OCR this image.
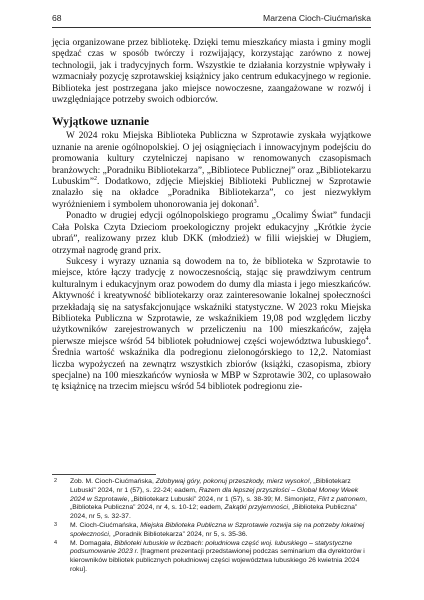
68	Marzena Cioch-Ciućmańska

jęcia organizowane przez bibliotekę. Dzięki temu mieszkańcy miasta i gminy mogli spędzać czas w sposób twórczy i rozwijający, korzystając zarówno z nowej technologii, jak i tradycyjnych form. Wszystkie te działania korzystnie wpływały i wzmacniały pozycję szprotawskiej książnicy jako centrum edukacyjnego w regionie. Biblioteka jest postrzegana jako miejsce nowoczesne, zaangażowane w rozwój i uwzględniające potrzeby swoich odbiorców.

Wyjątkowe uznanie

W 2024 roku Miejska Biblioteka Publiczna w Szprotawie zyskała wyjątkowe uznanie na arenie ogólnopolskiej. O jej osiągnięciach i innowacyjnym podejściu do promowania kultury czytelniczej napisano w renomowanych czasopismach branżowych: „Poradniku Bibliotekarza”, „Bibliotece Publicznej” oraz „Bibliotekarzu Lubuskim”$^2$. Dodatkowo, zdjęcie Miejskiej Biblioteki Publicznej w Szprotawie znalazło się na okładce „Poradnika Bibliotekarza”, co jest niezwykłym wyróżnieniem i symbolem uhonorowania jej dokonań$^3$.

Ponadto w drugiej edycji ogólnopolskiego programu „Ocalimy Świat” fundacji Cała Polska Czyta Dzieciom proekologiczny projekt edukacyjny „Krótkie życie ubrań”, realizowany przez klub DKK (młodzież) w filii wiejskiej w Długiem, otrzymał nagrodę grand prix.

Sukcesy i wyrazy uznania są dowodem na to, że biblioteka w Szprotawie to miejsce, które łączy tradycję z nowoczesnością, stając się prawdziwym centrum kulturalnym i edukacyjnym oraz powodem do dumy dla miasta i jego mieszkańców. Aktywność i kreatywność bibliotekarzy oraz zainteresowanie lokalnej społeczności przekładają się na satysfakcjonujące wskaźniki statystyczne. W 2023 roku Miejska Biblioteka Publiczna w Szprotawie, ze wskaźnikiem 19,08 pod względem liczby użytkowników zarejestrowanych w przeliczeniu na 100 mieszkańców, zajęła pierwsze miejsce wśród 54 bibliotek południowej części województwa lubuskiego$^4$. Średnia wartość wskaźnika dla podregionu zielonogórskiego to 12,2. Natomiast liczba wypożyczeń na zewnątrz wszystkich zbiorów (książki, czasopisma, zbiory specjalne) na 100 mieszkańców wyniosła w MBP w Szprotawie 302, co uplasowało tę książnicę na trzecim miejscu wśród 54 bibliotek podregionu zie-

2 Zob. M. Cioch-Ciućmańska, Zdobywaj góry, pokonuj przeszkody, mierz wysoko!, „Bibliotekarz Lubuski” 2024, nr 1 (57), s. 22-24; eadem, Razem dla lepszej przyszłości – Global Money Week 2024 w Szprotawie, „Bibliotekarz Lubuski” 2024, nr 1 (57), s. 38-39; M. Simonjetz, Flirt z patronem, „Biblioteka Publiczna” 2024, nr 4, s. 10-12; eadem, Zakątki przyjemności, „Biblioteka Publiczna” 2024, nr 5, s. 32-37.

3 M. Cioch-Ciućmańska, Miejska Biblioteka Publiczna w Szprotawie rozwija się na potrzeby lokalnej społeczności, „Poradnik Bibliotekarza” 2024, nr 5, s. 35-36.

4 M. Domagała, Biblioteki lubuskie w liczbach: południowa część woj. lubuskiego – statystyczne podsumowanie 2023 r. [fragment prezentacji przedstawionej podczas seminarium dla dyrektorów i kierowników bibliotek publicznych południowej części województwa lubuskiego 26 kwietnia 2024 roku].
